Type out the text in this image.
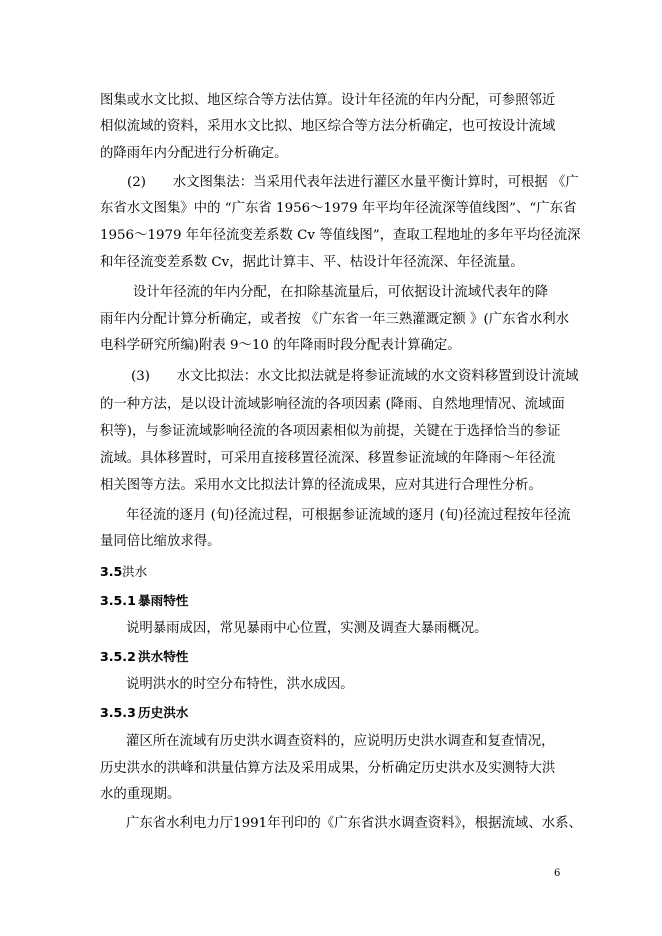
图集或水文比拟、地区综合等方法估算。设计年径流的年内分配，可参照邻近
相似流域的资料，采用水文比拟、地区综合等方法分析确定，也可按设计流域
的降雨年内分配进行分析确定。
(2)　　水文图集法：当采用代表年法进行灌区水量平衡计算时，可根据 《广
东省水文图集》中的 “广东省 1956～1979 年平均年径流深等值线图”、“广东省
1956～1979 年年径流变差系数 Cv 等值线图”，查取工程地址的多年平均径流深
和年径流变差系数 Cv，据此计算丰、平、枯设计年径流深、年径流量。
设计年径流的年内分配，在扣除基流量后，可依据设计流域代表年的降
雨年内分配计算分析确定，或者按 《广东省一年三熟灌溉定额 》(广东省水利水
电科学研究所编)附表 9～10 的年降雨时段分配表计算确定。
(3)　　水文比拟法：水文比拟法就是将参证流域的水文资料移置到设计流域
的一种方法，是以设计流域影响径流的各项因素 (降雨、自然地理情况、流域面
积等)，与参证流域影响径流的各项因素相似为前提，关键在于选择恰当的参证
流域。具体移置时，可采用直接移置径流深、移置参证流域的年降雨～年径流
相关图等方法。采用水文比拟法计算的径流成果，应对其进行合理性分析。
年径流的逐月 (旬)径流过程，可根据参证流域的逐月 (旬)径流过程按年径流
量同倍比缩放求得。
3.5洪水
3.5.1 暴雨特性
说明暴雨成因，常见暴雨中心位置，实测及调查大暴雨概况。
3.5.2 洪水特性
说明洪水的时空分布特性，洪水成因。
3.5.3 历史洪水
灌区所在流域有历史洪水调查资料的，应说明历史洪水调查和复查情况，
历史洪水的洪峰和洪量估算方法及采用成果，分析确定历史洪水及实测特大洪
水的重现期。
广东省水利电力厅1991年刊印的《广东省洪水调查资料》，根据流域、水系、
6
